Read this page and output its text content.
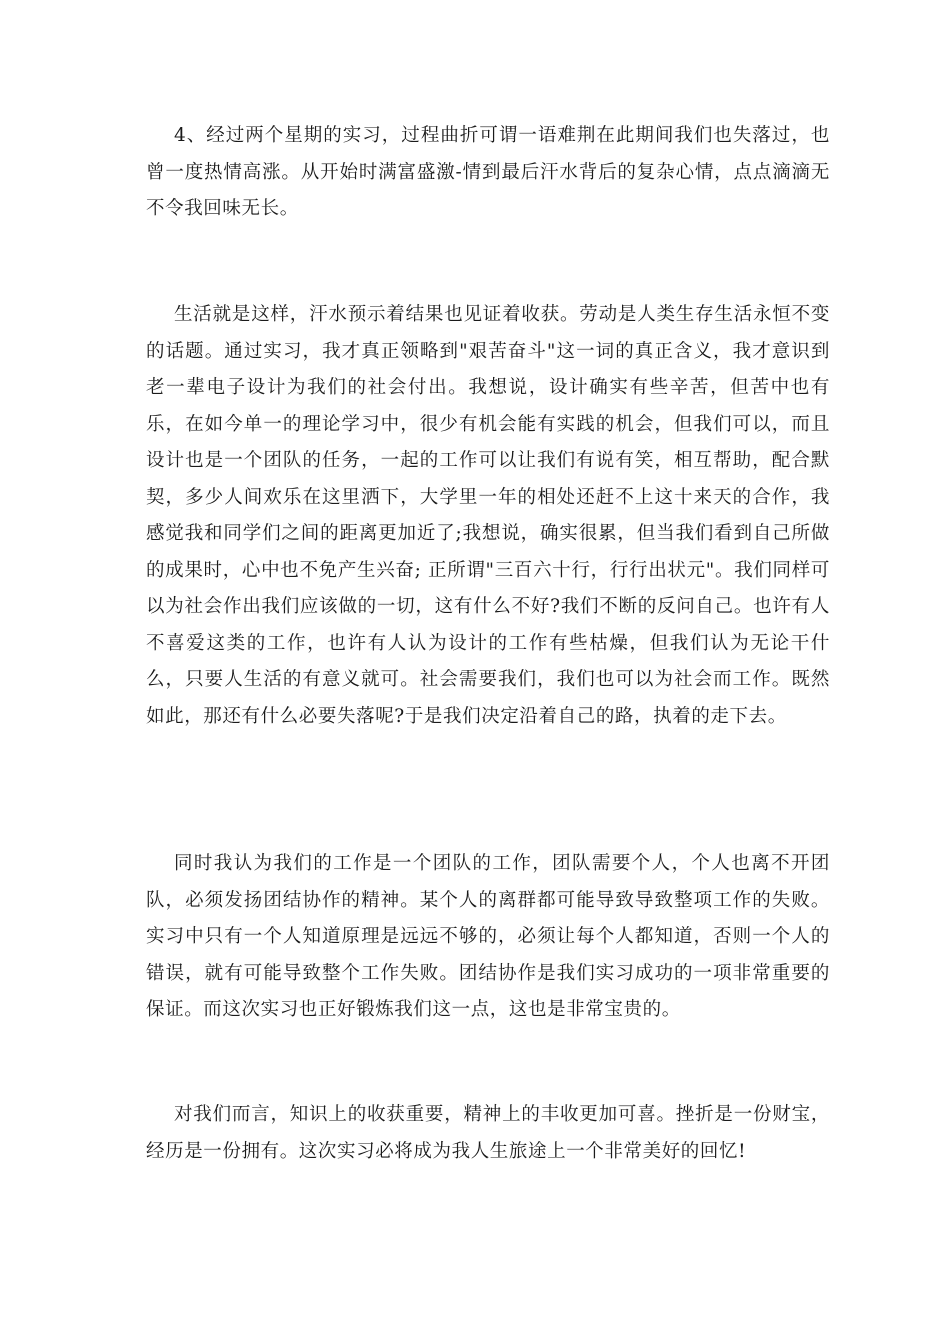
4、经过两个星期的实习，过程曲折可谓一语难荆在此期间我们也失落过，也曾一度热情高涨。从开始时满富盛激-情到最后汗水背后的复杂心情，点点滴滴无不令我回味无长。

生活就是这样，汗水预示着结果也见证着收获。劳动是人类生存生活永恒不变的话题。通过实习，我才真正领略到"艰苦奋斗"这一词的真正含义，我才意识到老一辈电子设计为我们的社会付出。我想说，设计确实有些辛苦，但苦中也有乐，在如今单一的理论学习中，很少有机会能有实践的机会，但我们可以，而且设计也是一个团队的任务，一起的工作可以让我们有说有笑，相互帮助，配合默契，多少人间欢乐在这里洒下，大学里一年的相处还赶不上这十来天的合作，我感觉我和同学们之间的距离更加近了;我想说，确实很累，但当我们看到自己所做的成果时，心中也不免产生兴奋; 正所谓"三百六十行，行行出状元"。我们同样可以为社会作出我们应该做的一切，这有什么不好?我们不断的反问自己。也许有人不喜爱这类的工作，也许有人认为设计的工作有些枯燥，但我们认为无论干什么，只要人生活的有意义就可。社会需要我们，我们也可以为社会而工作。既然如此，那还有什么必要失落呢?于是我们决定沿着自己的路，执着的走下去。

同时我认为我们的工作是一个团队的工作，团队需要个人，个人也离不开团队，必须发扬团结协作的精神。某个人的离群都可能导致导致整项工作的失败。实习中只有一个人知道原理是远远不够的，必须让每个人都知道，否则一个人的错误，就有可能导致整个工作失败。团结协作是我们实习成功的一项非常重要的保证。而这次实习也正好锻炼我们这一点，这也是非常宝贵的。

对我们而言，知识上的收获重要，精神上的丰收更加可喜。挫折是一份财宝，经历是一份拥有。这次实习必将成为我人生旅途上一个非常美好的回忆!
